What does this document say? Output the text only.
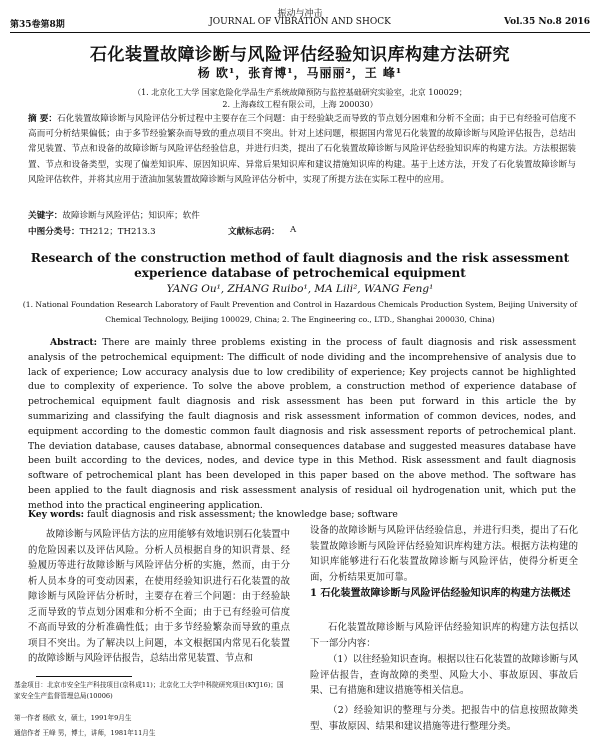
振动与冲击
第35卷第8期	JOURNAL OF VIBRATION AND SHOCK	Vol.35 No.8 2016
石化装置故障诊断与风险评估经验知识库构建方法研究
杨 欧¹，张育博¹，马丽丽²，王 峰¹
（1. 北京化工大学 国家危险化学品生产系统故障预防与监控基础研究实验室，北京 100029；
2. 上海森纹工程有限公司，上海 200030）
摘 要：石化装置故障诊断与风险评估分析过程中主要存在三个问题：由于经验缺乏而导致的节点划分困难和分析不全面；由于已有经验可信度不高而可分析结果偏低；由于多节经验繁杂而导致的重点项目不突出。针对上述问题，根据国内常见石化装置的故障诊断与风险评估报告，总结出常见装置、节点和设备的故障诊断与风险评估经验信息，并进行归类，提出了石化装置故障诊断与风险评估经验知识库的构建方法。方法根据装置、节点和设备类型，实现了偏差知识库、原因知识库、异常后果知识库和建议措施知识库的构建。基于上述方法，开发了石化装置故障诊断与风险评估软件，并将其应用于渣油加氢装置故障诊断与风险评估分析中，实现了所提方法在实际工程中的应用。
关键字：故障诊断与风险评估；知识库；软件
中图分类号：TH212；TH213.3	文献标志码： A
Research of the construction method of fault diagnosis and the risk assessment experience database of petrochemical equipment
YANG Ou¹, ZHANG Ruibo¹, MA Lili², WANG Feng¹
(1. National Foundation Research Laboratory of Fault Prevention and Control in Hazardous Chemicals Production System, Beijing University of
Chemical Technology, Beijing 100029, China; 2. The Engineering co., LTD., Shanghai 200030, China)
Abstract: There are mainly three problems existing in the process of fault diagnosis and risk assessment analysis of the petrochemical equipment: The difficult of node dividing and the incomprehensive of analysis due to lack of experience; Low accuracy analysis due to low credibility of experience; Key projects cannot be highlighted due to complexity of experience. To solve the above problem, a construction method of experience database of petrochemical equipment fault diagnosis and risk assessment has been put forward in this article the by summarizing and classifying the fault diagnosis and risk assessment information of common devices, nodes, and equipment according to the domestic common fault diagnosis and risk assessment reports of petrochemical plant. The deviation database, causes database, abnormal consequences database and suggested measures database have been built according to the devices, nodes, and device type in this Method. Risk assessment and fault diagnosis software of petrochemical plant has been developed in this paper based on the above method. The software has been applied to the fault diagnosis and risk assessment analysis of residual oil hydrogenation unit, which put the method into the practical engineering application.
Key words: fault diagnosis and risk assessment; the knowledge base; software
故障诊断与风险评估方法的应用能够有效地识别石化装置中的危险因素以及评估风险。分析人员根据自身的知识背景、经验履历等进行故障诊断与风险评估分析的实施，然而，由于分析人员本身的可变动因素，在使用经验知识进行石化装置的故障诊断与风险评估分析时，主要存在着三个问题：由于经验缺乏而导致的节点划分困难和分析不全面；由于已有经验可信度不高而导致的分析准确性低；由于多节经验繁杂而导致的重点项目不突出。为了解决以上问题，本文根据国内常见石化装置的故障诊断与风险评估报告，总结出常见装置、节点和
设备的故障诊断与风险评估经验信息，并进行归类，提出了石化装置故障诊断与风险评估经验知识库构建方法。根据方法构建的知识库能够进行石化装置故障诊断与风险评估，使得分析更全面，分析结果更加可靠。
1 石化装置故障诊断与风险评估经验知识库的构建方法概述
石化装置故障诊断与风险评估经验知识库的构建方法包括以下一部分内容：
（1）以往经验知识查询。根据以往石化装置的故障诊断与风险评估报告，查询故障的类型、风险大小、事故原因、事故后果、已有措施和建议措施等相关信息。
（2）经验知识的整理与分类。把报告中的信息按照故障类型、事故原因、结果和建议措施等进行整理分类。
基金项目：北京市安全生产科技项目(京科成11)；北京化工大学中科院研究项目(KYJ16)；国家安全生产监督管理总局(10006)
第一作者 杨欧 女，硕士，1991年9月生
通信作者 王峰 男，博士，讲师，1981年11月生
